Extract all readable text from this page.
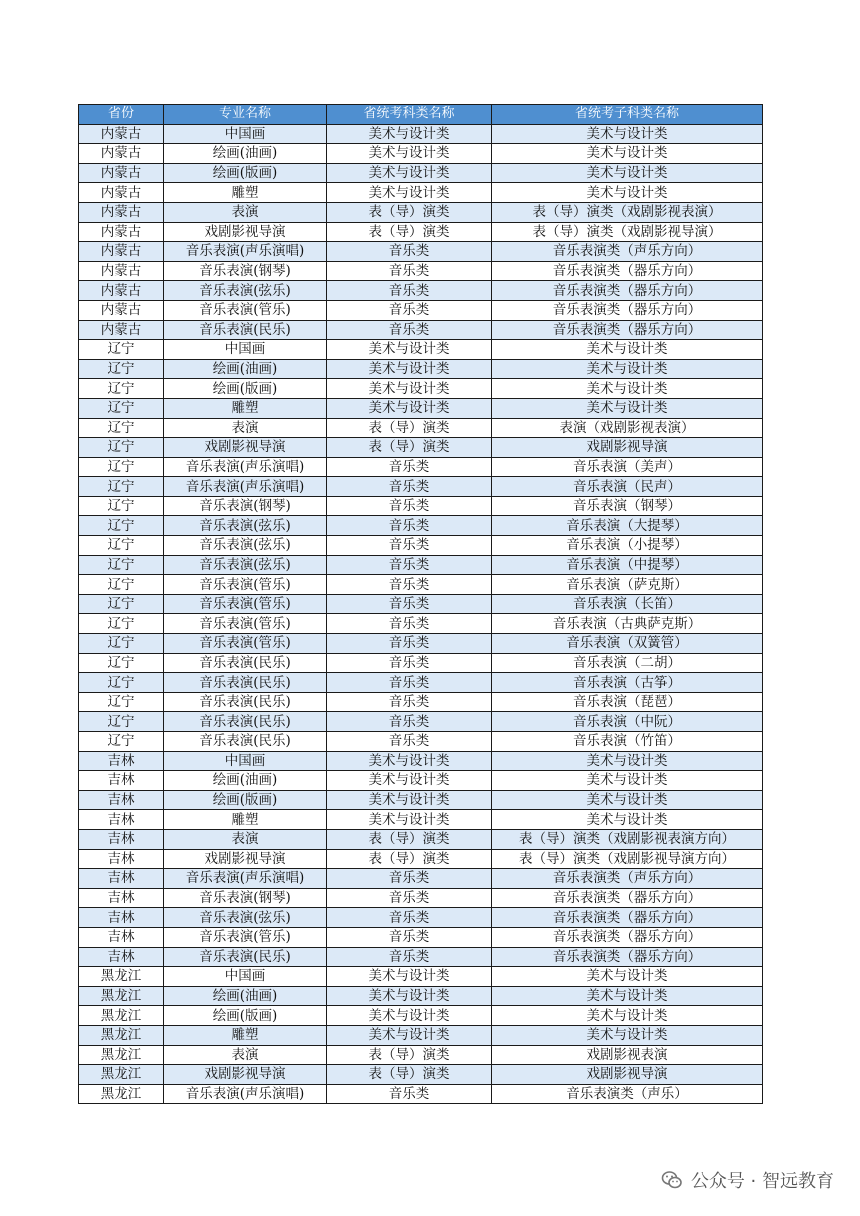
省份	专业名称	省统考科类名称	省统考子科类名称
内蒙古	中国画	美术与设计类	美术与设计类
内蒙古	绘画(油画)	美术与设计类	美术与设计类
内蒙古	绘画(版画)	美术与设计类	美术与设计类
内蒙古	雕塑	美术与设计类	美术与设计类
内蒙古	表演	表（导）演类	表（导）演类（戏剧影视表演）
内蒙古	戏剧影视导演	表（导）演类	表（导）演类（戏剧影视导演）
内蒙古	音乐表演(声乐演唱)	音乐类	音乐表演类（声乐方向）
内蒙古	音乐表演(钢琴)	音乐类	音乐表演类（器乐方向）
内蒙古	音乐表演(弦乐)	音乐类	音乐表演类（器乐方向）
内蒙古	音乐表演(管乐)	音乐类	音乐表演类（器乐方向）
内蒙古	音乐表演(民乐)	音乐类	音乐表演类（器乐方向）
辽宁	中国画	美术与设计类	美术与设计类
辽宁	绘画(油画)	美术与设计类	美术与设计类
辽宁	绘画(版画)	美术与设计类	美术与设计类
辽宁	雕塑	美术与设计类	美术与设计类
辽宁	表演	表（导）演类	表演（戏剧影视表演）
辽宁	戏剧影视导演	表（导）演类	戏剧影视导演
辽宁	音乐表演(声乐演唱)	音乐类	音乐表演（美声）
辽宁	音乐表演(声乐演唱)	音乐类	音乐表演（民声）
辽宁	音乐表演(钢琴)	音乐类	音乐表演（钢琴）
辽宁	音乐表演(弦乐)	音乐类	音乐表演（大提琴）
辽宁	音乐表演(弦乐)	音乐类	音乐表演（小提琴）
辽宁	音乐表演(弦乐)	音乐类	音乐表演（中提琴）
辽宁	音乐表演(管乐)	音乐类	音乐表演（萨克斯）
辽宁	音乐表演(管乐)	音乐类	音乐表演（长笛）
辽宁	音乐表演(管乐)	音乐类	音乐表演（古典萨克斯）
辽宁	音乐表演(管乐)	音乐类	音乐表演（双簧管）
辽宁	音乐表演(民乐)	音乐类	音乐表演（二胡）
辽宁	音乐表演(民乐)	音乐类	音乐表演（古筝）
辽宁	音乐表演(民乐)	音乐类	音乐表演（琵琶）
辽宁	音乐表演(民乐)	音乐类	音乐表演（中阮）
辽宁	音乐表演(民乐)	音乐类	音乐表演（竹笛）
吉林	中国画	美术与设计类	美术与设计类
吉林	绘画(油画)	美术与设计类	美术与设计类
吉林	绘画(版画)	美术与设计类	美术与设计类
吉林	雕塑	美术与设计类	美术与设计类
吉林	表演	表（导）演类	表（导）演类（戏剧影视表演方向）
吉林	戏剧影视导演	表（导）演类	表（导）演类（戏剧影视导演方向）
吉林	音乐表演(声乐演唱)	音乐类	音乐表演类（声乐方向）
吉林	音乐表演(钢琴)	音乐类	音乐表演类（器乐方向）
吉林	音乐表演(弦乐)	音乐类	音乐表演类（器乐方向）
吉林	音乐表演(管乐)	音乐类	音乐表演类（器乐方向）
吉林	音乐表演(民乐)	音乐类	音乐表演类（器乐方向）
黑龙江	中国画	美术与设计类	美术与设计类
黑龙江	绘画(油画)	美术与设计类	美术与设计类
黑龙江	绘画(版画)	美术与设计类	美术与设计类
黑龙江	雕塑	美术与设计类	美术与设计类
黑龙江	表演	表（导）演类	戏剧影视表演
黑龙江	戏剧影视导演	表（导）演类	戏剧影视导演
黑龙江	音乐表演(声乐演唱)	音乐类	音乐表演类（声乐）
公众号 · 智远教育
